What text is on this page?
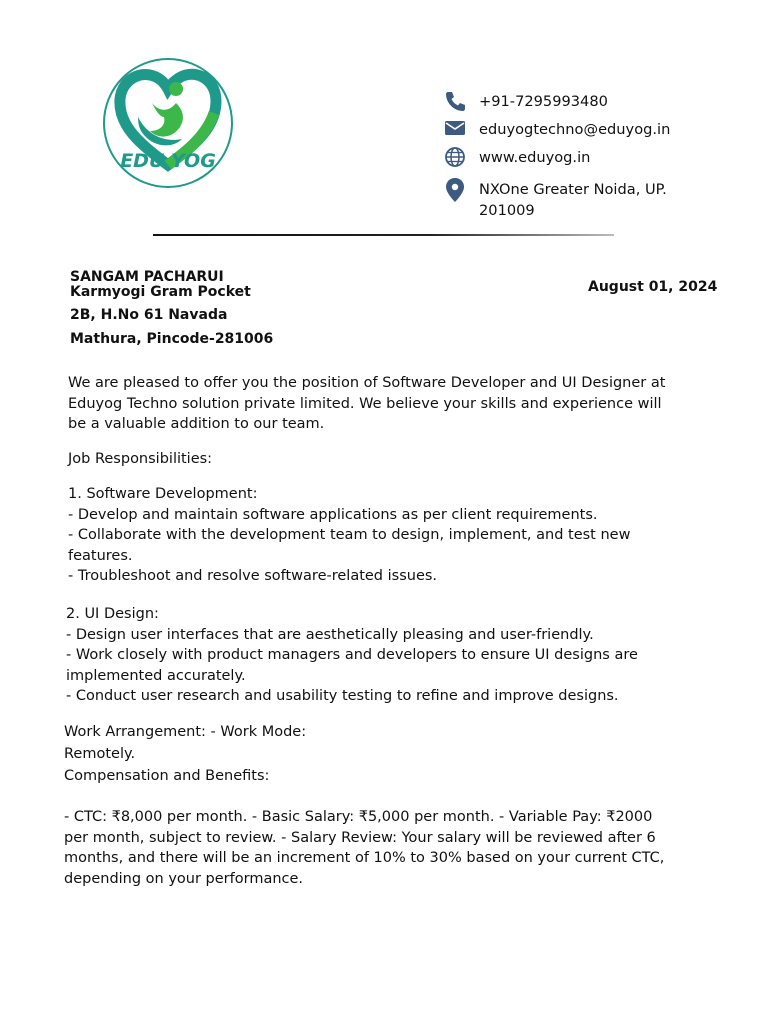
EDU YOG
+91-7295993480
eduyogtechno@eduyog.in
www.eduyog.in
NXOne Greater Noida, UP.
201009
SANGAM PACHARUI
Karmyogi Gram Pocket
2B, H.No 61 Navada
Mathura, Pincode-281006
August 01, 2024
We are pleased to offer you the position of Software Developer and UI Designer at
Eduyog Techno solution private limited. We believe your skills and experience will
be a valuable addition to our team.
Job Responsibilities:
1. Software Development:
- Develop and maintain software applications as per client requirements.
- Collaborate with the development team to design, implement, and test new
features.
- Troubleshoot and resolve software-related issues.
2. UI Design:
- Design user interfaces that are aesthetically pleasing and user-friendly.
- Work closely with product managers and developers to ensure UI designs are
implemented accurately.
- Conduct user research and usability testing to refine and improve designs.
Work Arrangement: - Work Mode:
Remotely.
Compensation and Benefits:
- CTC: ₹8,000 per month. - Basic Salary: ₹5,000 per month. - Variable Pay: ₹2000
per month, subject to review. - Salary Review: Your salary will be reviewed after 6
months, and there will be an increment of 10% to 30% based on your current CTC,
depending on your performance.
